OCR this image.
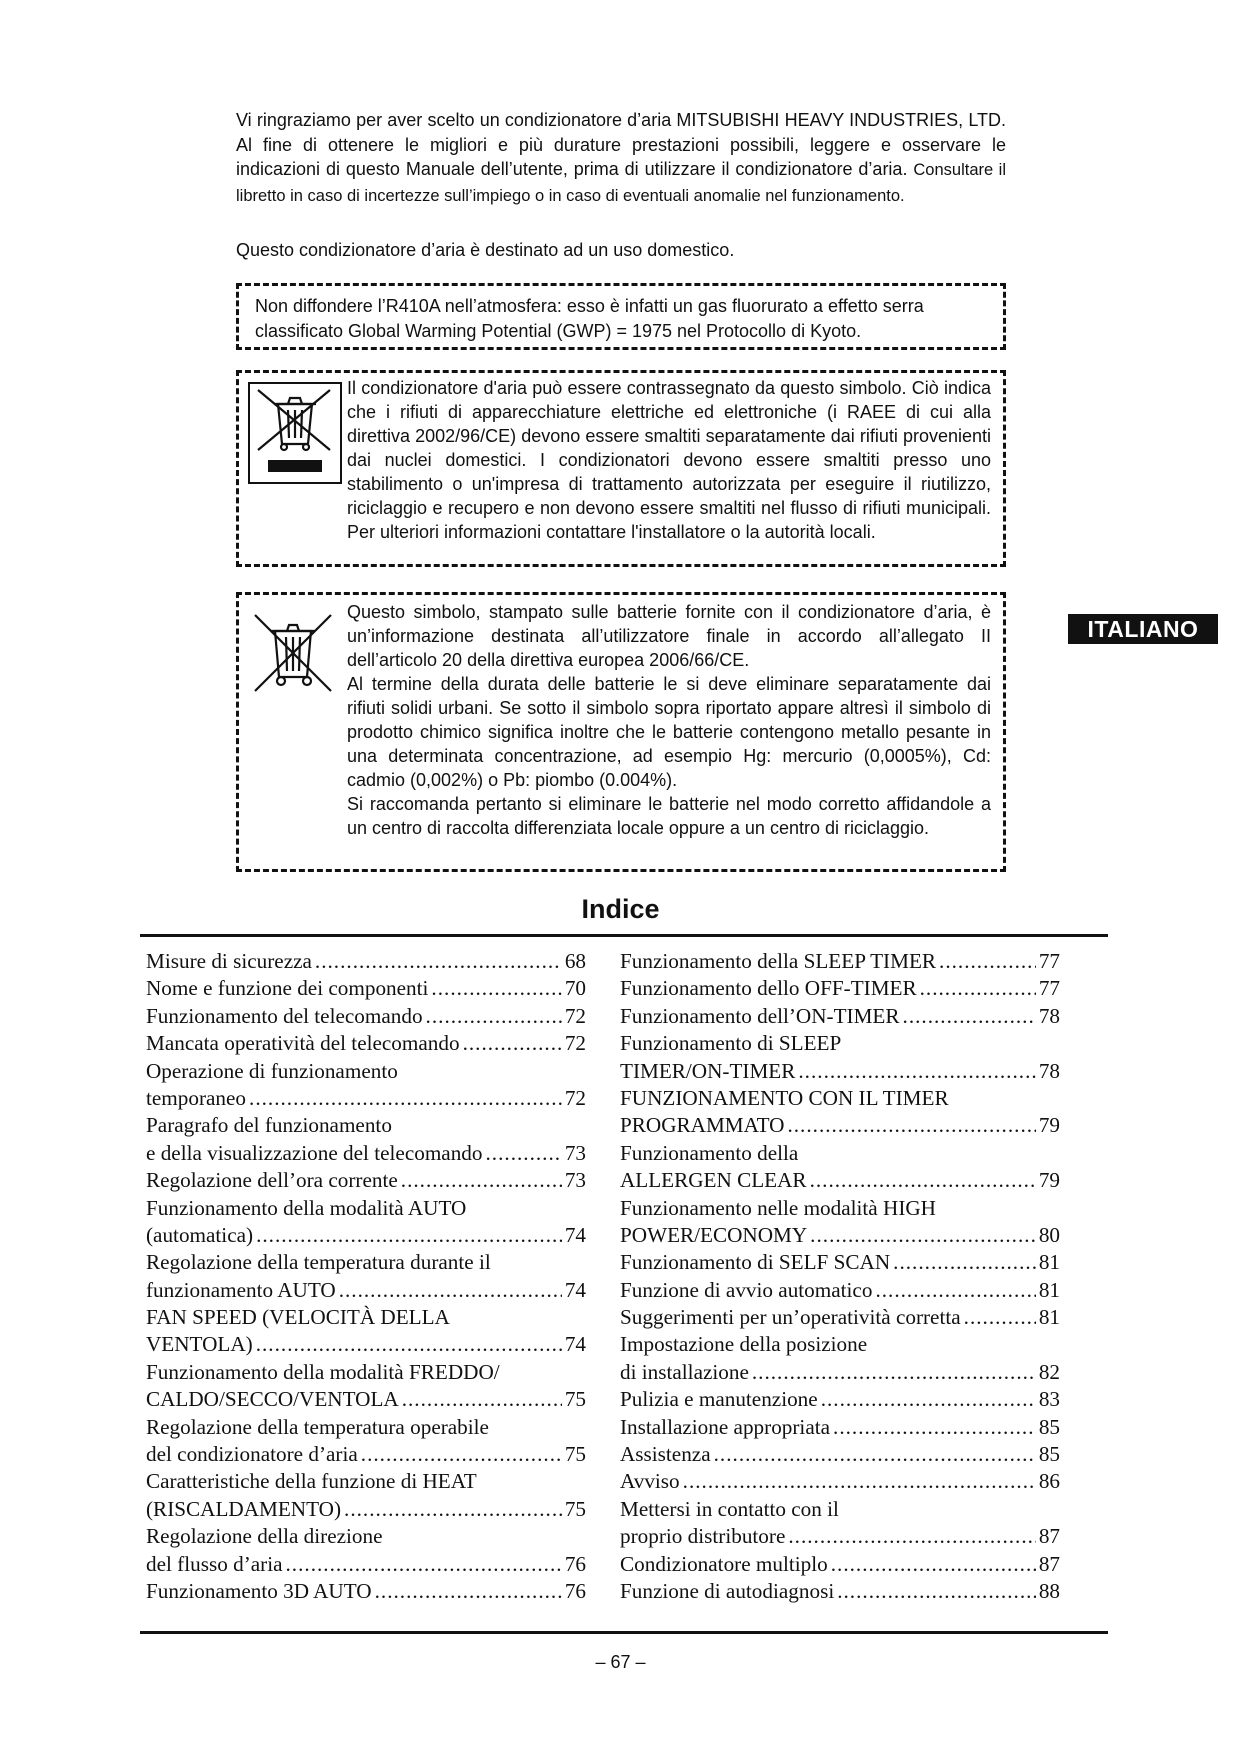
Vi ringraziamo per aver scelto un condizionatore d’aria MITSUBISHI HEAVY INDUSTRIES, LTD. Al fine di ottenere le migliori e più durature prestazioni possibili, leggere e osservare le indicazioni di questo Manuale dell’utente, prima di utilizzare il condizionatore d’aria. Consultare il libretto in caso di incertezze sull’impiego o in caso di eventuali anomalie nel funzionamento.

Questo condizionatore d’aria è destinato ad un uso domestico.

Non diffondere l’R410A nell’atmosfera: esso è infatti un gas fluorurato a effetto serra classificato Global Warming Potential (GWP) = 1975 nel Protocollo di Kyoto.
Il condizionatore d'aria può essere contrassegnato da questo simbolo. Ciò indica che i rifiuti di apparecchiature elettriche ed elettroniche (i RAEE di cui alla direttiva 2002/96/CE) devono essere smaltiti separatamente dai rifiuti provenienti dai nuclei domestici. I condizionatori devono essere smaltiti presso uno stabilimento o un'impresa di trattamento autorizzata per eseguire il riutilizzo, riciclaggio e recupero e non devono essere smaltiti nel flusso di rifiuti municipali. Per ulteriori informazioni contattare l'installatore o la autorità locali.

Questo simbolo, stampato sulle batterie fornite con il condizionatore d’aria, è un’informazione destinata all’utilizzatore finale in accordo all’allegato II dell’articolo 20 della direttiva europea 2006/66/CE.

Al termine della durata delle batterie le si deve eliminare separatamente dai rifiuti solidi urbani. Se sotto il simbolo sopra riportato appare altresì il simbolo di prodotto chimico significa inoltre che le batterie contengono metallo pesante in una determinata concentrazione, ad esempio Hg: mercurio (0,0005%), Cd: cadmio (0,002%) o Pb: piombo (0.004%).

Si raccomanda pertanto si eliminare le batterie nel modo corretto affidandole a un centro di raccolta differenziata locale oppure a un centro di riciclaggio.

ITALIANO
Indice
Misure di sicurezza .....	68
Nome e funzione dei componenti .....	70
Funzionamento del telecomando .....	72
Mancata operatività del telecomando .....	72
Operazione di funzionamento
temporaneo .....	72
Paragrafo del funzionamento
e della visualizzazione del telecomando .....	73
Regolazione dell’ora corrente .....	73
Funzionamento della modalità AUTO
(automatica) .....	74
Regolazione della temperatura durante il
funzionamento AUTO .....	74
FAN SPEED (VELOCITÀ DELLA
VENTOLA) .....	74
Funzionamento della modalità FREDDO/
CALDO/SECCO/VENTOLA .....	75
Regolazione della temperatura operabile
del condizionatore d’aria .....	75
Caratteristiche della funzione di HEAT
(RISCALDAMENTO) .....	75
Regolazione della direzione
del flusso d’aria .....	76
Funzionamento 3D AUTO .....	76
Funzionamento della SLEEP TIMER .....	77
Funzionamento dello OFF-TIMER .....	77
Funzionamento dell’ON-TIMER .....	78
Funzionamento di SLEEP
TIMER/ON-TIMER .....	78
FUNZIONAMENTO CON IL TIMER
PROGRAMMATO .....	79
Funzionamento della
ALLERGEN CLEAR .....	79
Funzionamento nelle modalità HIGH
POWER/ECONOMY .....	80
Funzionamento di SELF SCAN .....	81
Funzione di avvio automatico .....	81
Suggerimenti per un’operatività corretta .....	81
Impostazione della posizione
di installazione .....	82
Pulizia e manutenzione .....	83
Installazione appropriata .....	85
Assistenza .....	85
Avviso .....	86
Mettersi in contatto con il
proprio distributore .....	87
Condizionatore multiplo .....	87
Funzione di autodiagnosi .....	88
– 67 –
